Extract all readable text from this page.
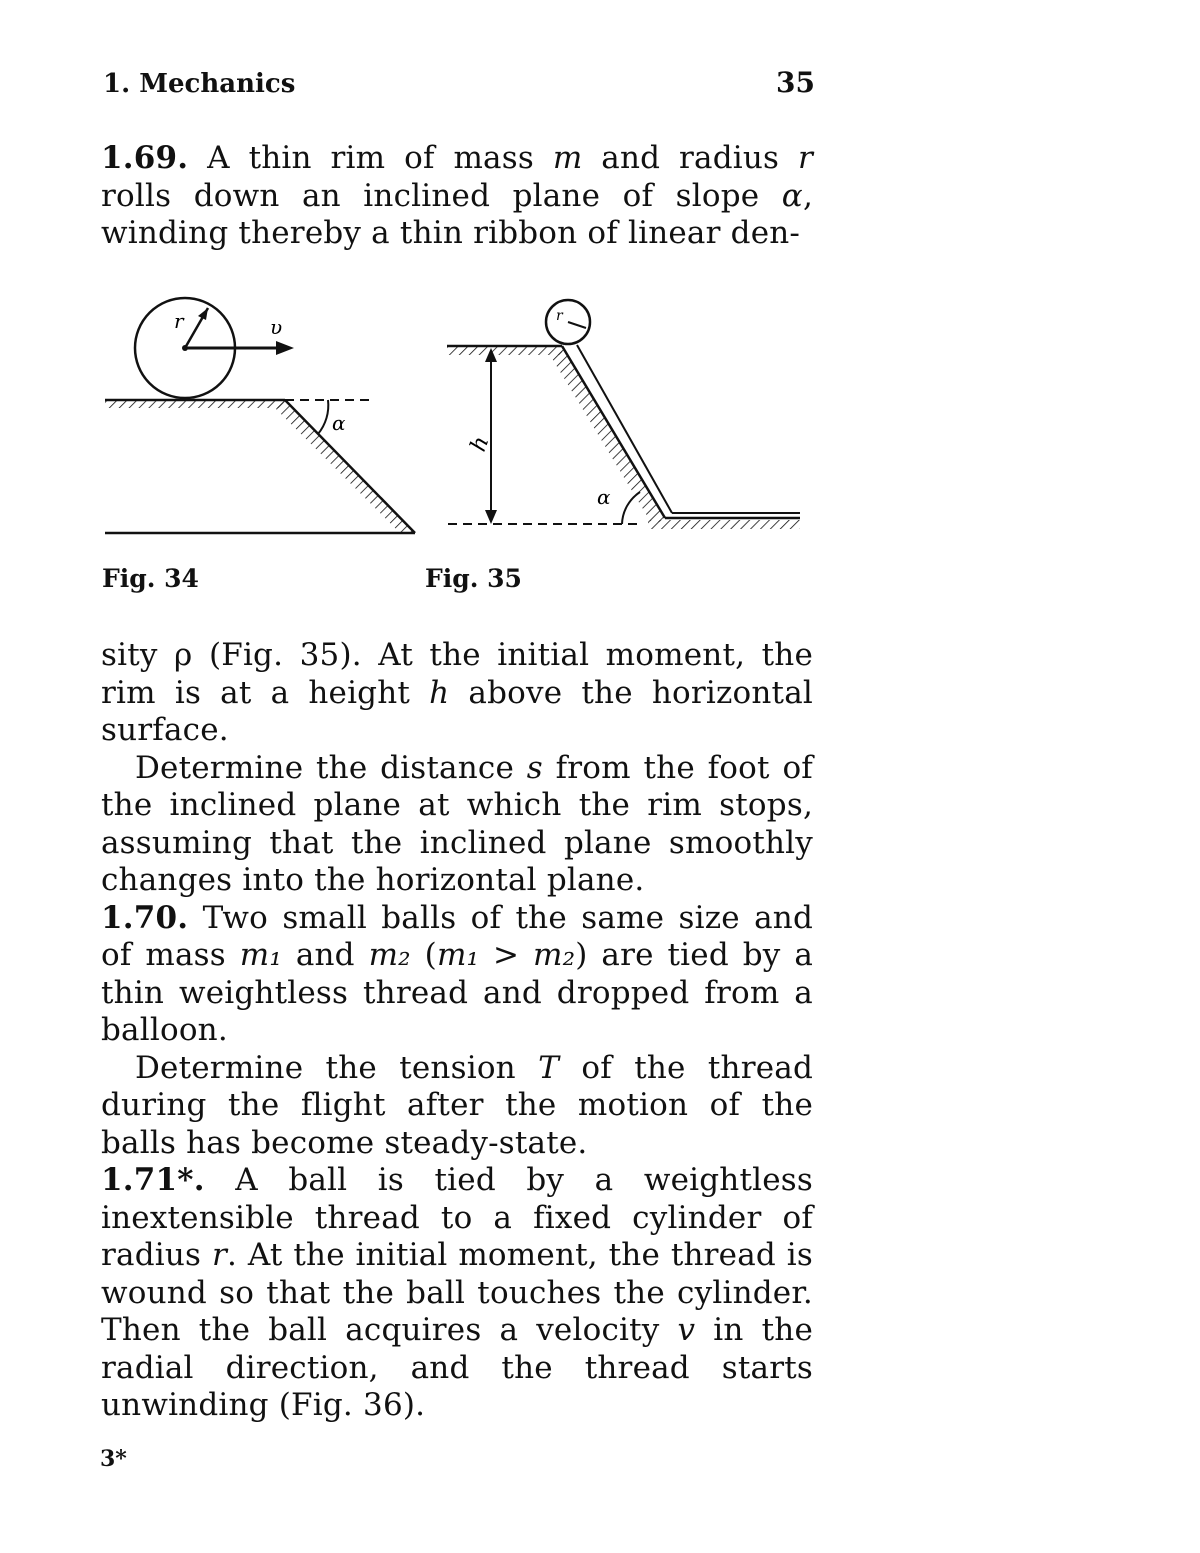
1. Mechanics	35

1.69. A thin rim of mass m and radius r rolls down an inclined plane of slope α, winding thereby a thin ribbon of linear den-

r	υ
α
r
h
α
Fig. 34	Fig. 35

sity ρ (Fig. 35). At the initial moment, the rim is at a height h above the horizontal surface.

Determine the distance s from the foot of the inclined plane at which the rim stops, assuming that the inclined plane smoothly changes into the horizontal plane.

1.70. Two small balls of the same size and of mass m₁ and m₂ (m₁ > m₂) are tied by a thin weightless thread and dropped from a balloon.

Determine the tension T of the thread during the flight after the motion of the balls has become steady-state.

1.71*. A ball is tied by a weightless inextensible thread to a fixed cylinder of radius r. At the initial moment, the thread is wound so that the ball touches the cylinder. Then the ball acquires a velocity v in the radial direction, and the thread starts unwinding (Fig. 36).

3*
